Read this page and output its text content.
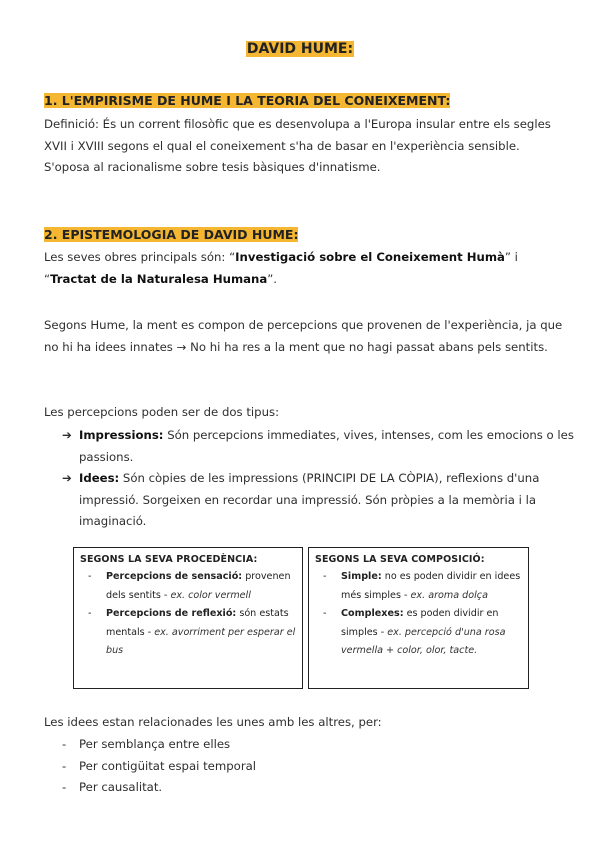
DAVID HUME:
1. L'EMPIRISME DE HUME I LA TEORIA DEL CONEIXEMENT:
Definició: És un corrent filosòfic que es desenvolupa a l'Europa insular entre els segles XVII i XVIII segons el qual el coneixement s'ha de basar en l'experiència sensible. S'oposa al racionalisme sobre tesis bàsiques d'innatisme.
2. EPISTEMOLOGIA DE DAVID HUME:
Les seves obres principals són: “Investigació sobre el Coneixement Humà” i “Tractat de la Naturalesa Humana”.
Segons Hume, la ment es compon de percepcions que provenen de l'experiència, ja que no hi ha idees innates → No hi ha res a la ment que no hagi passat abans pels sentits.
Les percepcions poden ser de dos tipus:
➔ Impressions: Són percepcions immediates, vives, intenses, com les emocions o les passions.
➔ Idees: Són còpies de les impressions (PRINCIPI DE LA CÒPIA), reflexions d'una impressió. Sorgeixen en recordar una impressió. Són pròpies a la memòria i la imaginació.
SEGONS LA SEVA PROCEDÈNCIA:
- Percepcions de sensació: provenen dels sentits - ex. color vermell
- Percepcions de reflexió: són estats mentals - ex. avorriment per esperar el bus
SEGONS LA SEVA COMPOSICIÓ:
- Simple: no es poden dividir en idees més simples - ex. aroma dolça
- Complexes: es poden dividir en simples - ex. percepció d'una rosa vermella + color, olor, tacte.
Les idees estan relacionades les unes amb les altres, per:
- Per semblança entre elles
- Per contigüitat espai temporal
- Per causalitat.
